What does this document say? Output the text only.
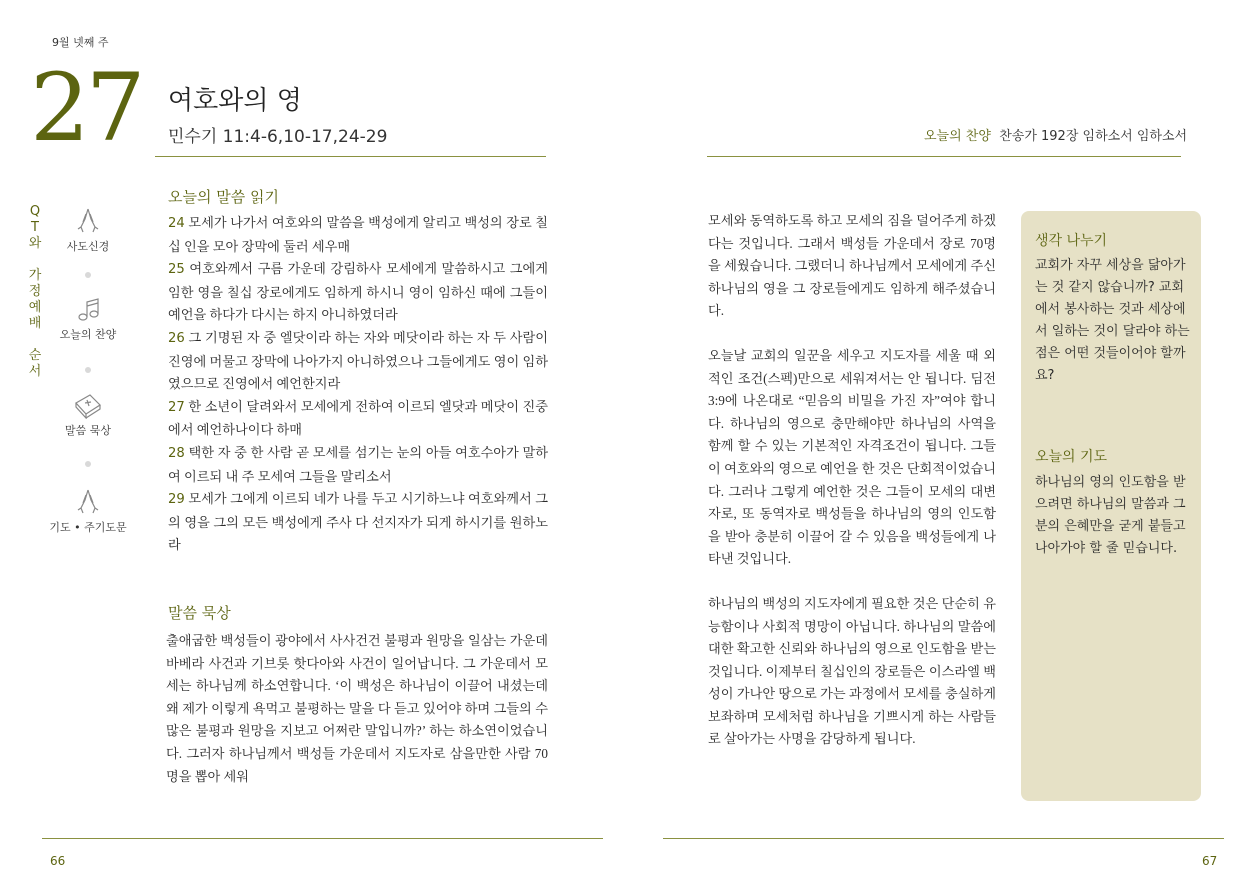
9월 넷째 주
27 여호와의 영
민수기 11:4-6,10-17,24-29
Q
T
와
가
정
예
배
순
서
사도신경
오늘의 찬양
말씀 묵상
기도 • 주기도문
오늘의 말씀 읽기
24 모세가 나가서 여호와의 말씀을 백성에게 알리고 백성의 장로 칠십 인을 모아 장막에 둘러 세우매
25 여호와께서 구름 가운데 강림하사 모세에게 말씀하시고 그에게 임한 영을 칠십 장로에게도 임하게 하시니 영이 임하신 때에 그들이 예언을 하다가 다시는 하지 아니하였더라
26 그 기명된 자 중 엘닷이라 하는 자와 메닷이라 하는 자 두 사람이 진영에 머물고 장막에 나아가지 아니하였으나 그들에게도 영이 임하였으므로 진영에서 예언한지라
27 한 소년이 달려와서 모세에게 전하여 이르되 엘닷과 메닷이 진중에서 예언하나이다 하매
28 택한 자 중 한 사람 곧 모세를 섬기는 눈의 아들 여호수아가 말하여 이르되 내 주 모세여 그들을 말리소서
29 모세가 그에게 이르되 네가 나를 두고 시기하느냐 여호와께서 그의 영을 그의 모든 백성에게 주사 다 선지자가 되게 하시기를 원하노라
말씀 묵상
출애굽한 백성들이 광야에서 사사건건 불평과 원망을 일삼는 가운데 바베라 사건과 기브롯 핫다아와 사건이 일어납니다. 그 가운데서 모세는 하나님께 하소연합니다. ‘이 백성은 하나님이 이끌어 내셨는데 왜 제가 이렇게 욕먹고 불평하는 말을 다 듣고 있어야 하며 그들의 수많은 불평과 원망을 지보고 어쩌란 말입니까?’ 하는 하소연이었습니다. 그러자 하나님께서 백성들 가운데서 지도자로 삼을만한 사람 70명을 뽑아 세워
66
오늘의 찬양 찬송가 192장 임하소서 임하소서

모세와 동역하도록 하고 모세의 짐을 덜어주게 하겠다는 것입니다. 그래서 백성들 가운데서 장로 70명을 세웠습니다. 그랬더니 하나님께서 모세에게 주신 하나님의 영을 그 장로들에게도 임하게 해주셨습니다.

오늘날 교회의 일꾼을 세우고 지도자를 세울 때 외적인 조건(스펙)만으로 세워져서는 안 됩니다. 딤전3:9에 나온대로 “믿음의 비밀을 가진 자”여야 합니다. 하나님의 영으로 충만해야만 하나님의 사역을 함께 할 수 있는 기본적인 자격조건이 됩니다. 그들이 여호와의 영으로 예언을 한 것은 단회적이었습니다. 그러나 그렇게 예언한 것은 그들이 모세의 대변자로, 또 동역자로 백성들을 하나님의 영의 인도함을 받아 충분히 이끌어 갈 수 있음을 백성들에게 나타낸 것입니다.

하나님의 백성의 지도자에게 필요한 것은 단순히 유능함이나 사회적 명망이 아닙니다. 하나님의 말씀에 대한 확고한 신뢰와 하나님의 영으로 인도함을 받는 것입니다. 이제부터 칠십인의 장로들은 이스라엘 백성이 가나안 땅으로 가는 과정에서 모세를 충실하게 보좌하며 모세처럼 하나님을 기쁘시게 하는 사람들로 살아가는 사명을 감당하게 됩니다.

생각 나누기
교회가 자꾸 세상을 닮아가는 것 같지 않습니까? 교회에서 봉사하는 것과 세상에서 일하는 것이 달라야 하는 점은 어떤 것들이어야 할까요?
오늘의 기도
하나님의 영의 인도함을 받으려면 하나님의 말씀과 그분의 은혜만을 굳게 붙들고 나아가야 할 줄 믿습니다.
67
